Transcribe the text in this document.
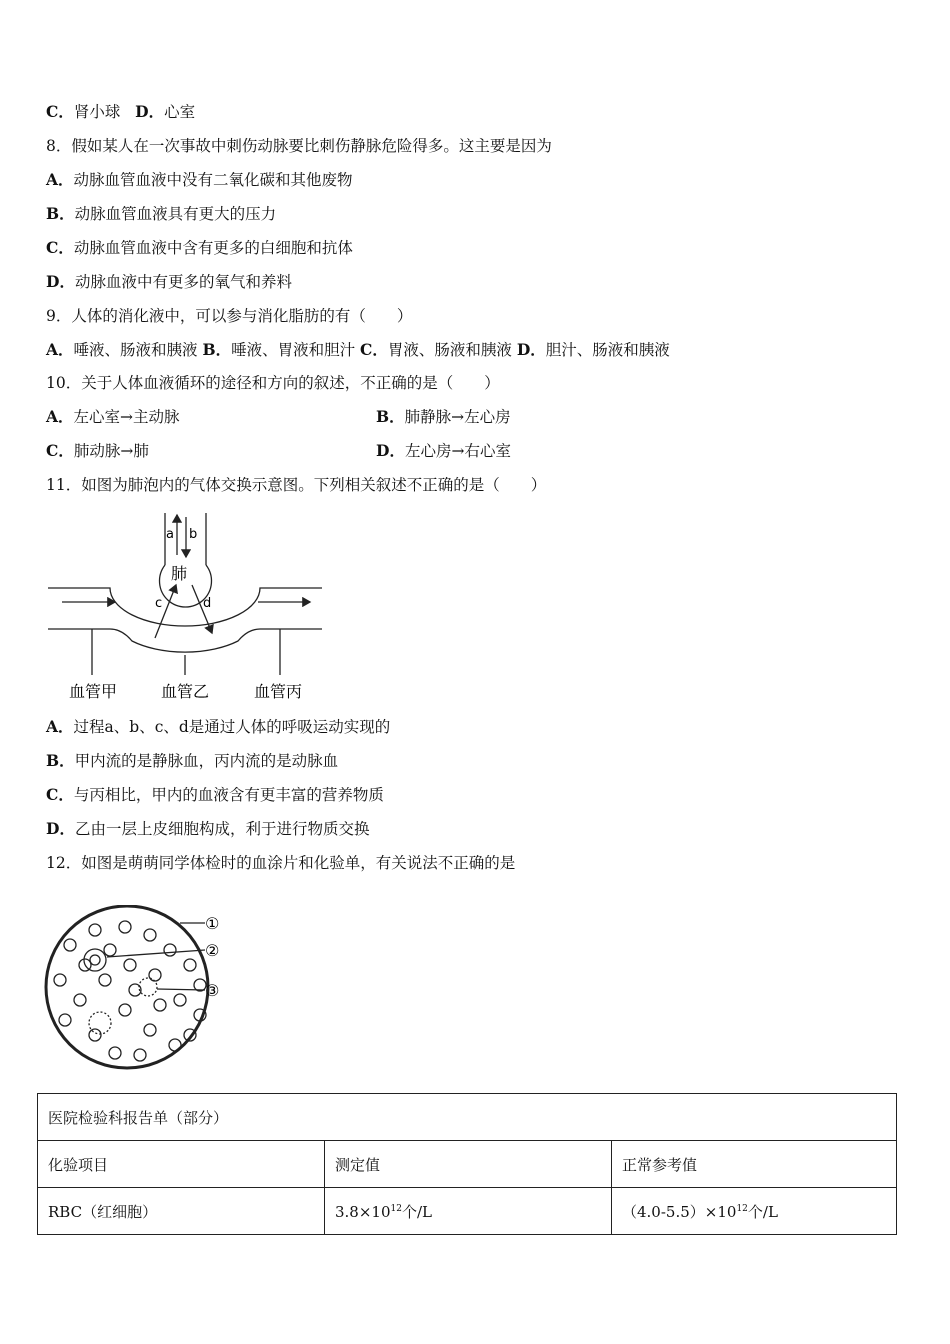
C．肾小球 D．心室
8．假如某人在一次事故中刺伤动脉要比刺伤静脉危险得多。这主要是因为
A．动脉血管血液中没有二氧化碳和其他废物
B．动脉血管血液具有更大的压力
C．动脉血管血液中含有更多的白细胞和抗体
D．动脉血液中有更多的氧气和养料
9．人体的消化液中，可以参与消化脂肪的有（　　）
A．唾液、肠液和胰液 B．唾液、胃液和胆汁 C．胃液、肠液和胰液 D．胆汁、肠液和胰液
10．关于人体血液循环的途径和方向的叙述，不正确的是（　　）
A．左心室→主动脉	B．肺静脉→左心房
C．肺动脉→肺	D．左心房→右心室
11．如图为肺泡内的气体交换示意图。下列相关叙述不正确的是（　　）
a b
肺
c	d
血管甲	血管乙	血管丙
A．过程a、b、c、d是通过人体的呼吸运动实现的
B．甲内流的是静脉血，丙内流的是动脉血
C．与丙相比，甲内的血液含有更丰富的营养物质
D．乙由一层上皮细胞构成，利于进行物质交换
12．如图是萌萌同学体检时的血涂片和化验单，有关说法不正确的是
①
②
③
医院检验科报告单（部分）		
化验项目	测定值	正常参考值
RBC（红细胞）	$3.8\times 10^{12}$个/L	$(4.0-5.5)\times 10^{12}$个/L
